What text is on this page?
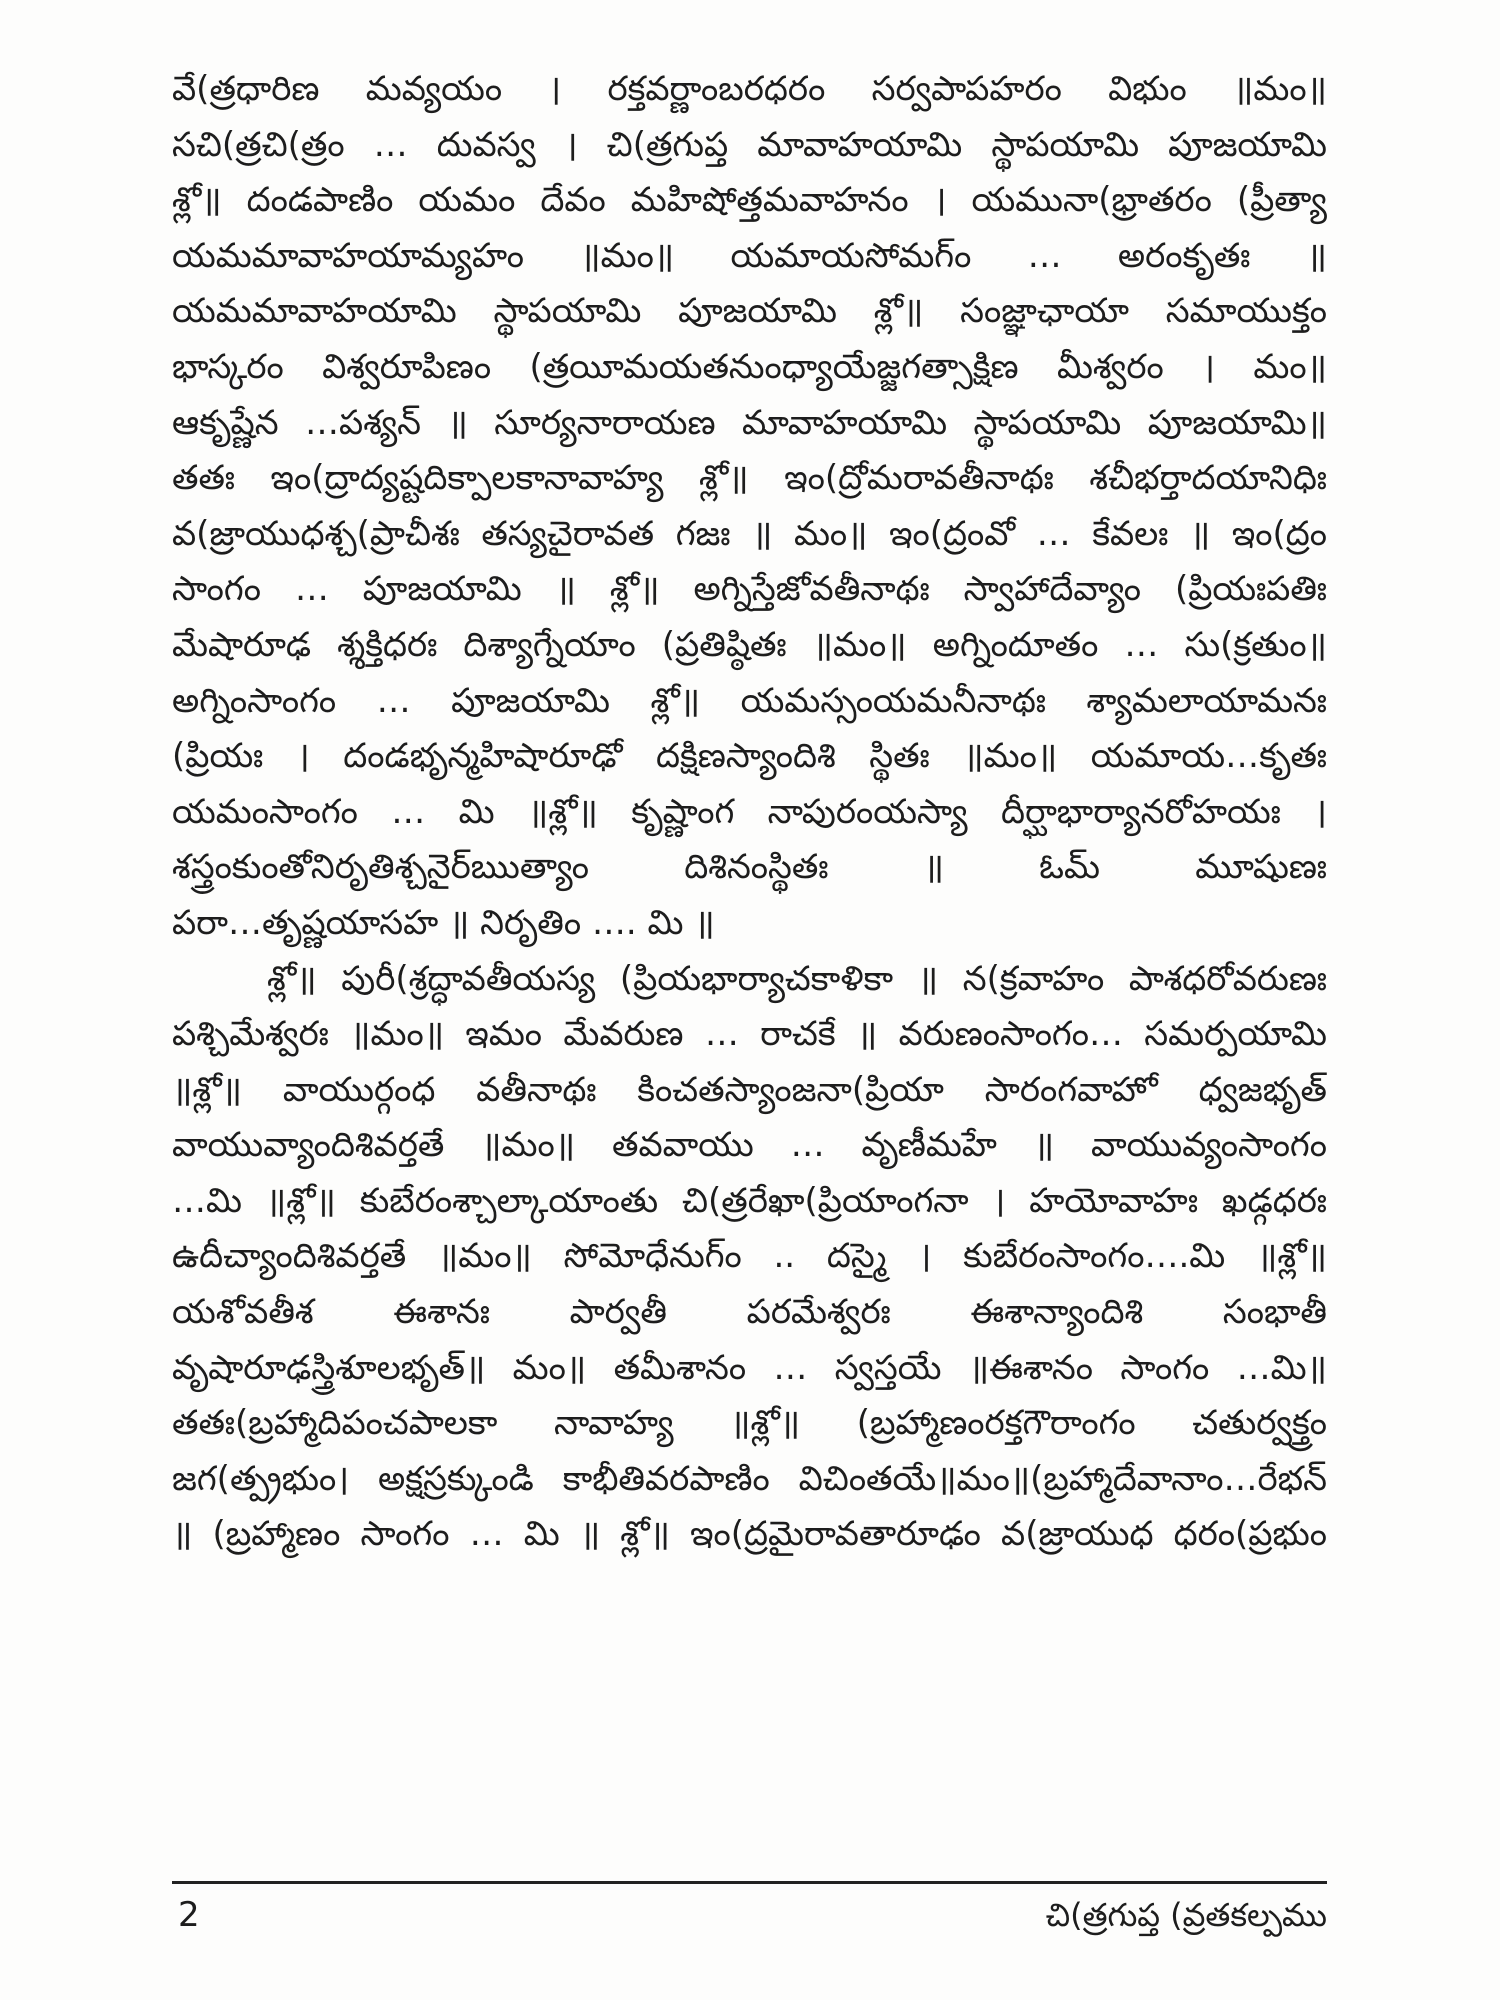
వే(త్రధారిణ మవ్యయం । రక్తవర్ణాంబరధరం సర్వపాపహరం విభుం ॥మం॥
సచి(త్రచి(త్రం … దువస్వ । చి(త్రగుప్త మావాహయామి స్థాపయామి పూజయామి
శ్లో॥ దండపాణిం యమం దేవం మహిషోత్తమవాహనం । యమునా(భ్రాతరం (ప్రీత్యా
యమమావాహయామ్యహం ॥మం॥ యమాయసోమగ్ం … అరంకృతః ॥
యమమావాహయామి స్థాపయామి పూజయామి శ్లో॥ సంజ్ఞాఛాయా సమాయుక్తం
భాస్కరం విశ్వరూపిణం (త్రయీమయతనుంధ్యాయేజ్జగత్సాక్షిణ మీశ్వరం । మం॥
ఆకృష్ణేన …పశ్యన్ ॥ సూర్యనారాయణ మావాహయామి స్థాపయామి పూజయామి॥
తతః ఇం(ద్రాద్యష్టదిక్పాలకానావాహ్య శ్లో॥ ఇం(ద్రోమరావతీనాథః శచీభర్తాదయానిధిః
వ(జ్రాయుధశ్చ(ప్రాచీశః తస్యచైరావత గజః ॥ మం॥ ఇం(ద్రంవో … కేవలః ॥ ఇం(ద్రం
సాంగం … పూజయామి ॥ శ్లో॥ అగ్నిస్తేజోవతీనాథః స్వాహాదేవ్యాం (ప్రియఃపతిః
మేషారూఢ శ్శక్తిధరః దిశ్యాగ్నేయాం (ప్రతిష్ఠితః ॥మం॥ అగ్నిందూతం … సు(క్రతుం॥
అగ్నింసాంగం … పూజయామి శ్లో॥ యమస్సంయమనీనాథః శ్యామలాయామనః
(ప్రియః । దండభృన్మహిషారూఢో దక్షిణస్యాందిశి స్థితః ॥మం॥ యమాయ…కృతః
యమంసాంగం … మి ॥శ్లో॥ కృష్ణాంగ నాపురంయస్యా దీర్ఘాభార్యానరోహయః ।
శస్త్రంకుంతోనిరృతిశ్చనైర్ఋత్యాం దిశినంస్థితః ॥ ఓమ్ మూషుణః
పరా…తృష్ణయాసహ ॥ నిరృతిం …. మి ॥
శ్లో॥ పురీ(శ్రద్ధావతీయస్య (ప్రియభార్యాచకాళికా ॥ న(క్రవాహం పాశధరోవరుణః
పశ్చిమేశ్వరః ॥మం॥ ఇమం మేవరుణ … రాచకే ॥ వరుణంసాంగం… సమర్పయామి
॥శ్లో॥ వాయుర్గంధ వతీనాథః కించతస్యాంజనా(ప్రియా సారంగవాహో ధ్వజభృత్
వాయువ్యాందిశివర్తతే ॥మం॥ తవవాయు … వృణీమహే ॥ వాయువ్యంసాంగం
…మి ॥శ్లో॥ కుబేరంశ్చాల్కాయాంతు చి(త్రరేఖా(ప్రియాంగనా । హయోవాహః ఖడ్గధరః
ఉదీచ్యాందిశివర్తతే ॥మం॥ సోమోధేనుగ్ం .. దస్మై । కుబేరంసాంగం….మి ॥శ్లో॥
యశోవతీశ ఈశానః పార్వతీ పరమేశ్వరః ఈశాన్యాందిశి సంభాతీ
వృషారూఢస్త్రిశూలభృత్॥ మం॥ తమీశానం … స్వస్తయే ॥ఈశానం సాంగం …మి॥
తతః(బ్రహ్మాదిపంచపాలకా నావాహ్య ॥శ్లో॥ (బ్రహ్మాణంరక్తగౌరాంగం చతుర్వక్త్రం
జగ(త్ప్రభుం। అక్షస్రక్కుండి కాభీతివరపాణిం విచింతయే॥మం॥(బ్రహ్మాదేవానాం…రేభన్
॥ (బ్రహ్మాణం సాంగం … మి ॥ శ్లో॥ ఇం(ద్రమైరావతారూఢం వ(జ్రాయుధ ధరం(ప్రభుం
2	చి(త్రగుప్త (వ్రతకల్పము
